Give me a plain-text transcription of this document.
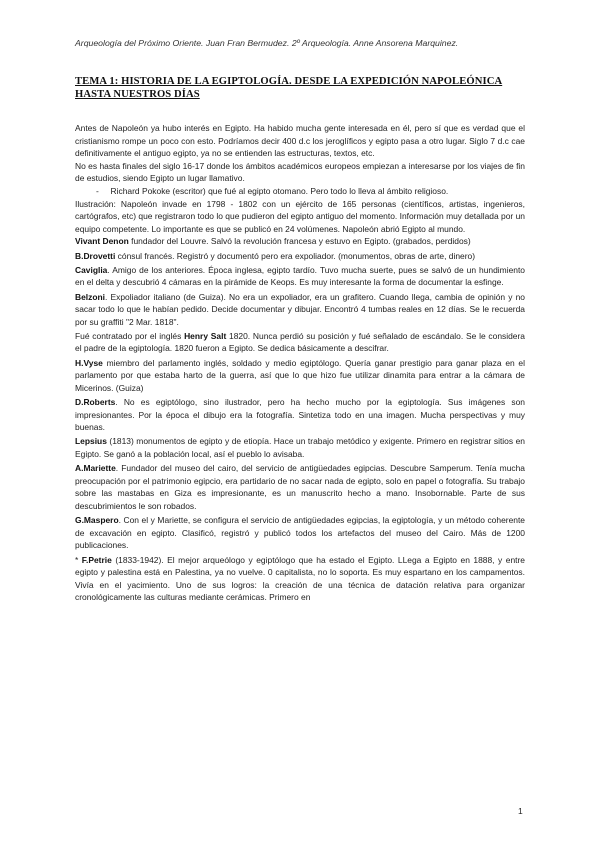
Arqueología del Próximo Oriente. Juan Fran Bermudez. 2º Arqueología. Anne Ansorena Marquinez.
TEMA 1: HISTORIA DE LA EGIPTOLOGÍA. DESDE LA EXPEDICIÓN NAPOLEÓNICA HASTA NUESTROS DÍAS

Antes de Napoleón ya hubo interés en Egipto. Ha habido mucha gente interesada en él, pero sí que es verdad que el cristianismo rompe un poco con esto. Podríamos decir 400 d.c los jeroglíficos y egipto pasa a otro lugar. Siglo 7 d.c cae definitivamente el antiguo egipto, ya no se entienden las estructuras, textos, etc.

No es hasta finales del siglo 16-17 donde los ámbitos académicos europeos empiezan a interesarse por los viajes de fin de estudios, siendo Egipto un lugar llamativo.

- Richard Pokoke (escritor) que fué al egipto otomano. Pero todo lo lleva al ámbito religioso.

Ilustración: Napoleón invade en 1798 - 1802 con un ejército de 165 personas (científicos, artistas, ingenieros, cartógrafos, etc) que registraron todo lo que pudieron del egipto antiguo del momento. Información muy detallada por un equipo competente. Lo importante es que se publicó en 24 volúmenes. Napoleón abrió Egipto al mundo.

Vivant Denon fundador del Louvre. Salvó la revolución francesa y estuvo en Egipto. (grabados, perdidos)

B.Drovetti cónsul francés. Registró y documentó pero era expoliador. (monumentos, obras de arte, dinero)

Caviglia. Amigo de los anteriores. Época inglesa, egipto tardío. Tuvo mucha suerte, pues se salvó de un hundimiento en el delta y descubrió 4 cámaras en la pirámide de Keops. Es muy interesante la forma de documentar la esfinge.

Belzoni. Expoliador italiano (de Guiza). No era un expoliador, era un grafitero. Cuando llega, cambia de opinión y no sacar todo lo que le habían pedido. Decide documentar y dibujar. Encontró 4 tumbas reales en 12 días. Se le recuerda por su graffiti "2 Mar. 1818".

Fué contratado por el inglés Henry Salt 1820. Nunca perdió su posición y fué señalado de escándalo. Se le considera el padre de la egiptología. 1820 fueron a Egipto. Se dedica básicamente a descifrar.

H.Vyse miembro del parlamento inglés, soldado y medio egiptólogo. Quería ganar prestigio para ganar plaza en el parlamento por que estaba harto de la guerra, así que lo que hizo fue utilizar dinamita para entrar a la cámara de Micerinos. (Guiza)

D.Roberts. No es egiptólogo, sino ilustrador, pero ha hecho mucho por la egiptología. Sus imágenes son impresionantes. Por la época el dibujo era la fotografía. Sintetiza todo en una imagen. Mucha perspectivas y muy buenas.

Lepsius (1813) monumentos de egipto y de etiopía. Hace un trabajo metódico y exigente. Primero en registrar sitios en Egipto. Se ganó a la población local, así el pueblo lo avisaba.

A.Mariette. Fundador del museo del cairo, del servicio de antigüedades egipcias. Descubre Samperum. Tenía mucha preocupación por el patrimonio egipcio, era partidario de no sacar nada de egipto, solo en papel o fotografía. Su trabajo sobre las mastabas en Giza es impresionante, es un manuscrito hecho a mano. Insobornable. Parte de sus descubrimientos le son robados.

G.Maspero. Con el y Mariette, se configura el servicio de antigüedades egipcias, la egiptología, y un método coherente de excavación en egipto. Clasificó, registró y publicó todos los artefactos del museo del Cairo. Más de 1200 publicaciones.

* F.Petrie (1833-1942). El mejor arqueólogo y egiptólogo que ha estado el Egipto. LLega a Egipto en 1888, y entre egipto y palestina está en Palestina, ya no vuelve. 0 capitalista, no lo soporta. Es muy espartano en los campamentos. Vivía en el yacimiento. Uno de sus logros: la creación de una técnica de datación relativa para organizar cronológicamente las culturas mediante cerámicas. Primero en

1
